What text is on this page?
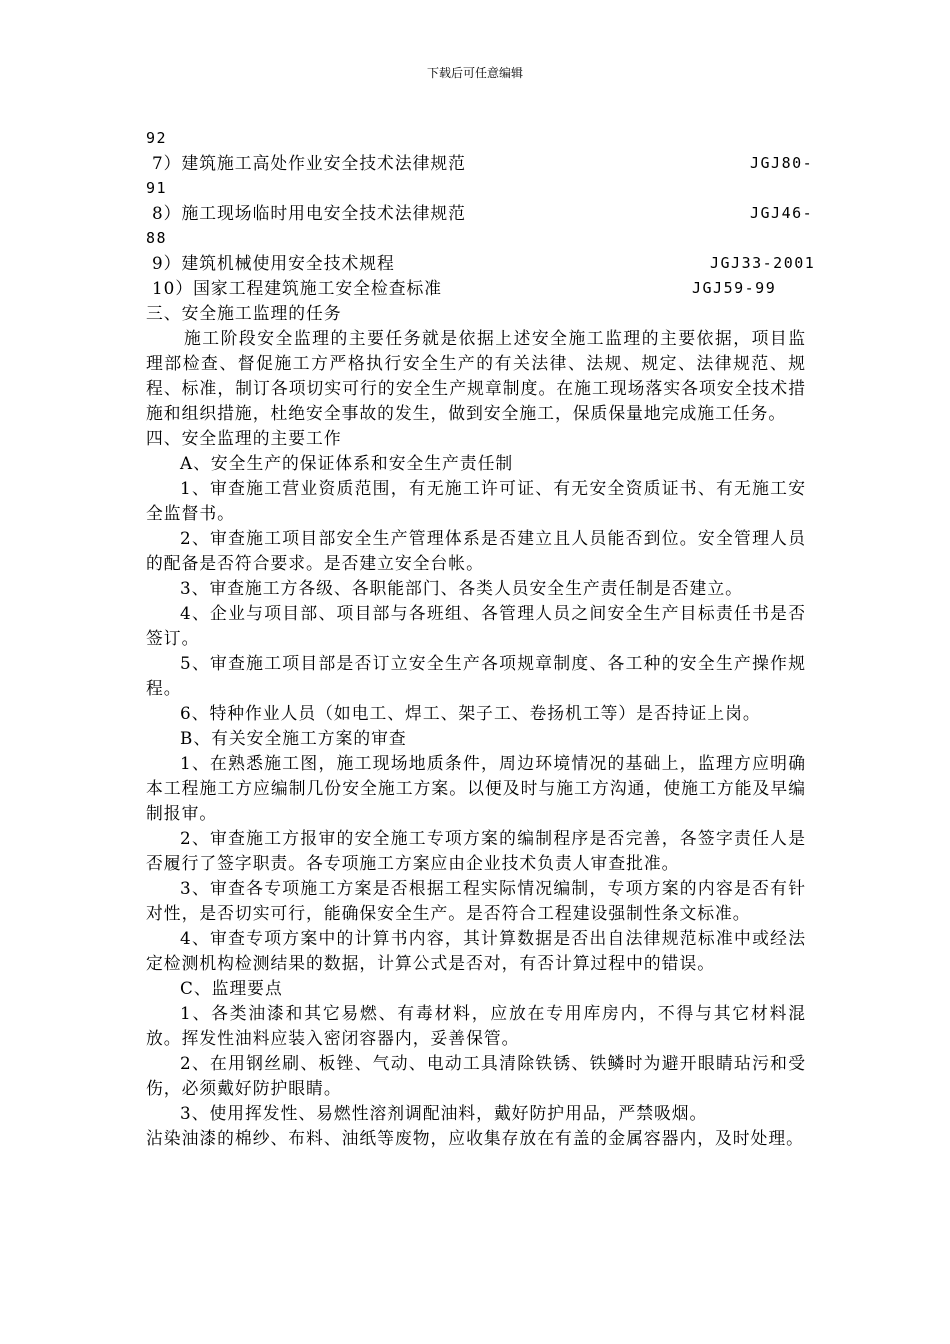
下载后可任意编辑
92
7）建筑施工高处作业安全技术法律规范	JGJ80-
91
8）施工现场临时用电安全技术法律规范	JGJ46-
88
9）建筑机械使用安全技术规程	JGJ33-2001
10）国家工程建筑施工安全检查标准	JGJ59-99
三、安全施工监理的任务
施工阶段安全监理的主要任务就是依据上述安全施工监理的主要依据，项目监理部检查、督促施工方严格执行安全生产的有关法律、法规、规定、法律规范、规程、标准，制订各项切实可行的安全生产规章制度。在施工现场落实各项安全技术措施和组织措施，杜绝安全事故的发生，做到安全施工，保质保量地完成施工任务。
四、安全监理的主要工作
A、安全生产的保证体系和安全生产责任制
1、审查施工营业资质范围，有无施工许可证、有无安全资质证书、有无施工安全监督书。
2、审查施工项目部安全生产管理体系是否建立且人员能否到位。安全管理人员的配备是否符合要求。是否建立安全台帐。
3、审查施工方各级、各职能部门、各类人员安全生产责任制是否建立。
4、企业与项目部、项目部与各班组、各管理人员之间安全生产目标责任书是否签订。
5、审查施工项目部是否订立安全生产各项规章制度、各工种的安全生产操作规程。
6、特种作业人员（如电工、焊工、架子工、卷扬机工等）是否持证上岗。
B、有关安全施工方案的审查
1、在熟悉施工图，施工现场地质条件，周边环境情况的基础上，监理方应明确本工程施工方应编制几份安全施工方案。以便及时与施工方沟通，使施工方能及早编制报审。
2、审查施工方报审的安全施工专项方案的编制程序是否完善，各签字责任人是否履行了签字职责。各专项施工方案应由企业技术负责人审查批准。
3、审查各专项施工方案是否根据工程实际情况编制，专项方案的内容是否有针对性，是否切实可行，能确保安全生产。是否符合工程建设强制性条文标准。
4、审查专项方案中的计算书内容，其计算数据是否出自法律规范标准中或经法定检测机构检测结果的数据，计算公式是否对，有否计算过程中的错误。
C、监理要点
1、各类油漆和其它易燃、有毒材料，应放在专用库房内，不得与其它材料混放。挥发性油料应装入密闭容器内，妥善保管。
2、在用钢丝刷、板锉、气动、电动工具清除铁锈、铁鳞时为避开眼睛玷污和受伤，必须戴好防护眼睛。
3、使用挥发性、易燃性溶剂调配油料，戴好防护用品，严禁吸烟。
沾染油漆的棉纱、布料、油纸等废物，应收集存放在有盖的金属容器内，及时处理。
